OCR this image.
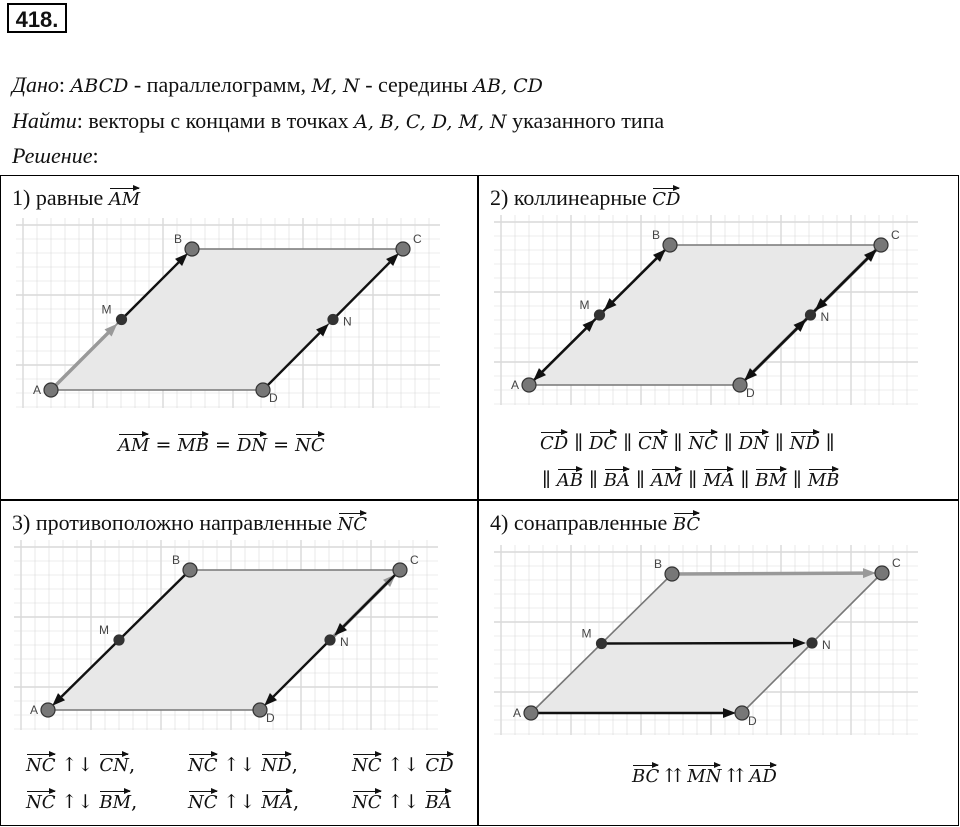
418.
Дано: ABCD - параллелограмм, M, N - середины AB, CD
Найти: векторы с концами в точках A, B, C, D, M, N указанного типа
Решение:
1) равные AM	2) коллинеарные CD
3) противоположно направленные NC	4) сонаправленные BC
A
B	C
D
M
N
A
B	C
D
M
N
A
B	C
D
M
N
A
B	C
D
M
N
AM = MB = DN = NC	CD ∥ DC ∥ CN ∥ NC ∥ DN ∥ ND ∥
∥ AB ∥ BA ∥ AM ∥ MA ∥ BM ∥ MB
BC ⇈ MN ⇈ AD
NC ↑↓ CN,	NC ↑↓ ND,	NC ↑↓ CD
NC ↑↓ BM,	NC ↑↓ MA,	NC ↑↓ BA
